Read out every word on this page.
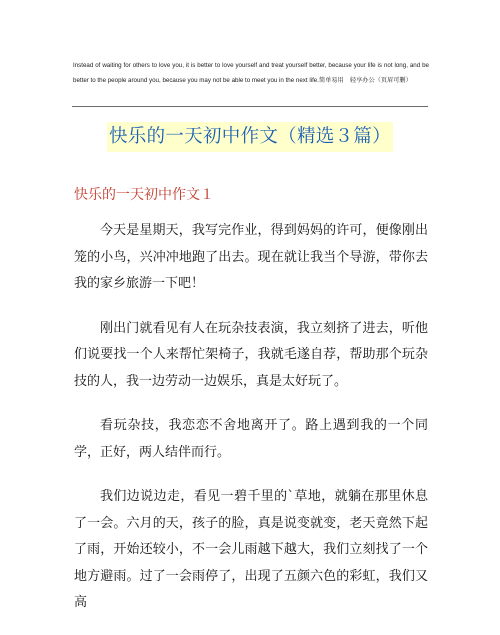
Instead of waiting for others to love you, it is better to love yourself and treat yourself better, because your life is not long, and be better to the people around you, because you may not be able to meet you in the next life.简单易用　轻享办公（页眉可删）
快乐的一天初中作文（精选３篇）
快乐的一天初中作文１

今天是星期天，我写完作业，得到妈妈的许可，便像刚出笼的小鸟，兴冲冲地跑了出去。现在就让我当个导游，带你去我的家乡旅游一下吧！

刚出门就看见有人在玩杂技表演，我立刻挤了进去，听他们说要找一个人来帮忙架椅子，我就毛遂自荐，帮助那个玩杂技的人，我一边劳动一边娱乐，真是太好玩了。

看玩杂技，我恋恋不舍地离开了。路上遇到我的一个同学，正好，两人结伴而行。

我们边说边走，看见一碧千里的`草地，就躺在那里休息了一会。六月的天，孩子的脸，真是说变就变，老天竟然下起了雨，开始还较小，不一会儿雨越下越大，我们立刻找了一个地方避雨。过了一会雨停了，出现了五颜六色的彩虹，我们又高
